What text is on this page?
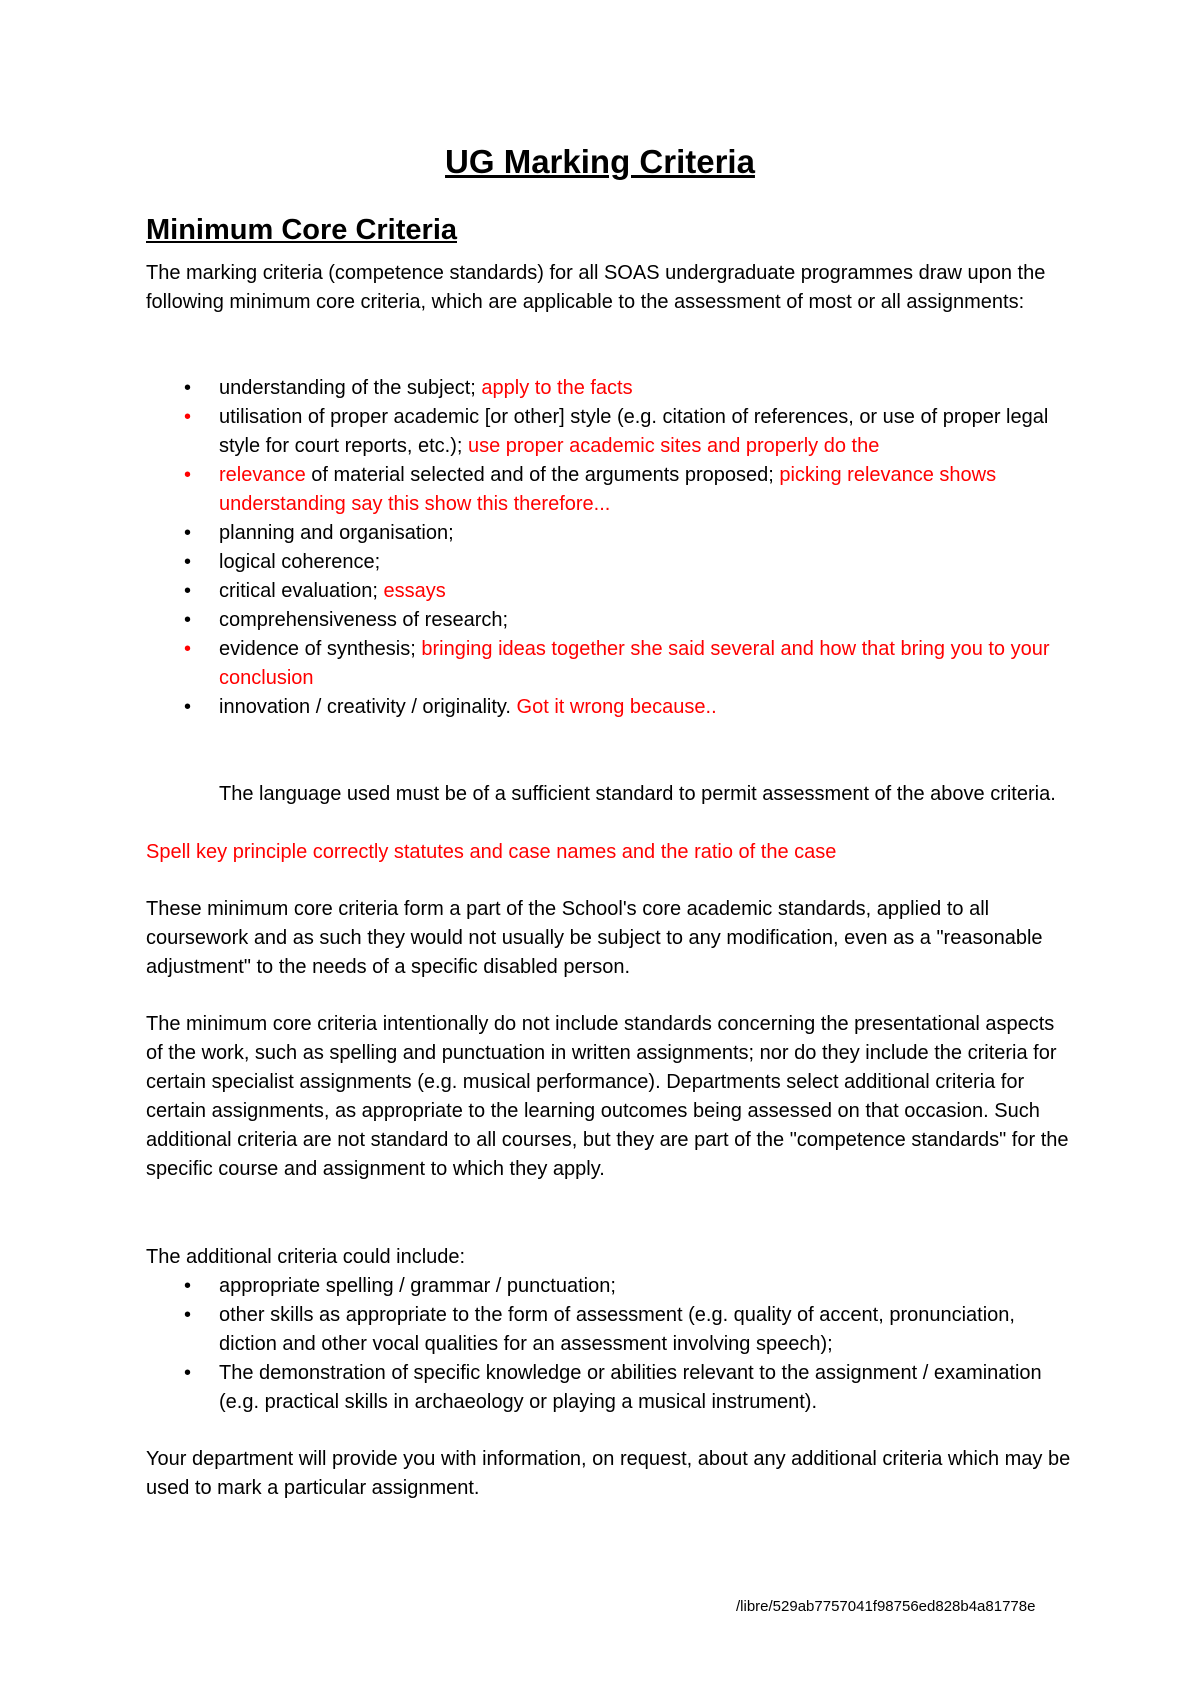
UG Marking Criteria
Minimum Core Criteria

The marking criteria (competence standards) for all SOAS undergraduate programmes draw upon the following minimum core criteria, which are applicable to the assessment of most or all assignments:

• understanding of the subject; apply to the facts
• utilisation of proper academic [or other] style (e.g. citation of references, or use of proper legal style for court reports, etc.); use proper academic sites and properly do the
• relevance of material selected and of the arguments proposed; picking relevance shows understanding say this show this therefore...
• planning and organisation;
• logical coherence;
• critical evaluation; essays
• comprehensiveness of research;
• evidence of synthesis; bringing ideas together she said several and how that bring you to your conclusion
• innovation / creativity / originality. Got it wrong because..

The language used must be of a sufficient standard to permit assessment of the above criteria.

Spell key principle correctly statutes and case names and the ratio of the case

These minimum core criteria form a part of the School's core academic standards, applied to all coursework and as such they would not usually be subject to any modification, even as a "reasonable adjustment" to the needs of a specific disabled person.

The minimum core criteria intentionally do not include standards concerning the presentational aspects of the work, such as spelling and punctuation in written assignments; nor do they include the criteria for certain specialist assignments (e.g. musical performance). Departments select additional criteria for certain assignments, as appropriate to the learning outcomes being assessed on that occasion. Such additional criteria are not standard to all courses, but they are part of the "competence standards" for the specific course and assignment to which they apply.

The additional criteria could include:

• appropriate spelling / grammar / punctuation;
• other skills as appropriate to the form of assessment (e.g. quality of accent, pronunciation, diction and other vocal qualities for an assessment involving speech);
• The demonstration of specific knowledge or abilities relevant to the assignment / examination (e.g. practical skills in archaeology or playing a musical instrument).

Your department will provide you with information, on request, about any additional criteria which may be used to mark a particular assignment.

/libre/529ab7757041f98756ed828b4a81778e
